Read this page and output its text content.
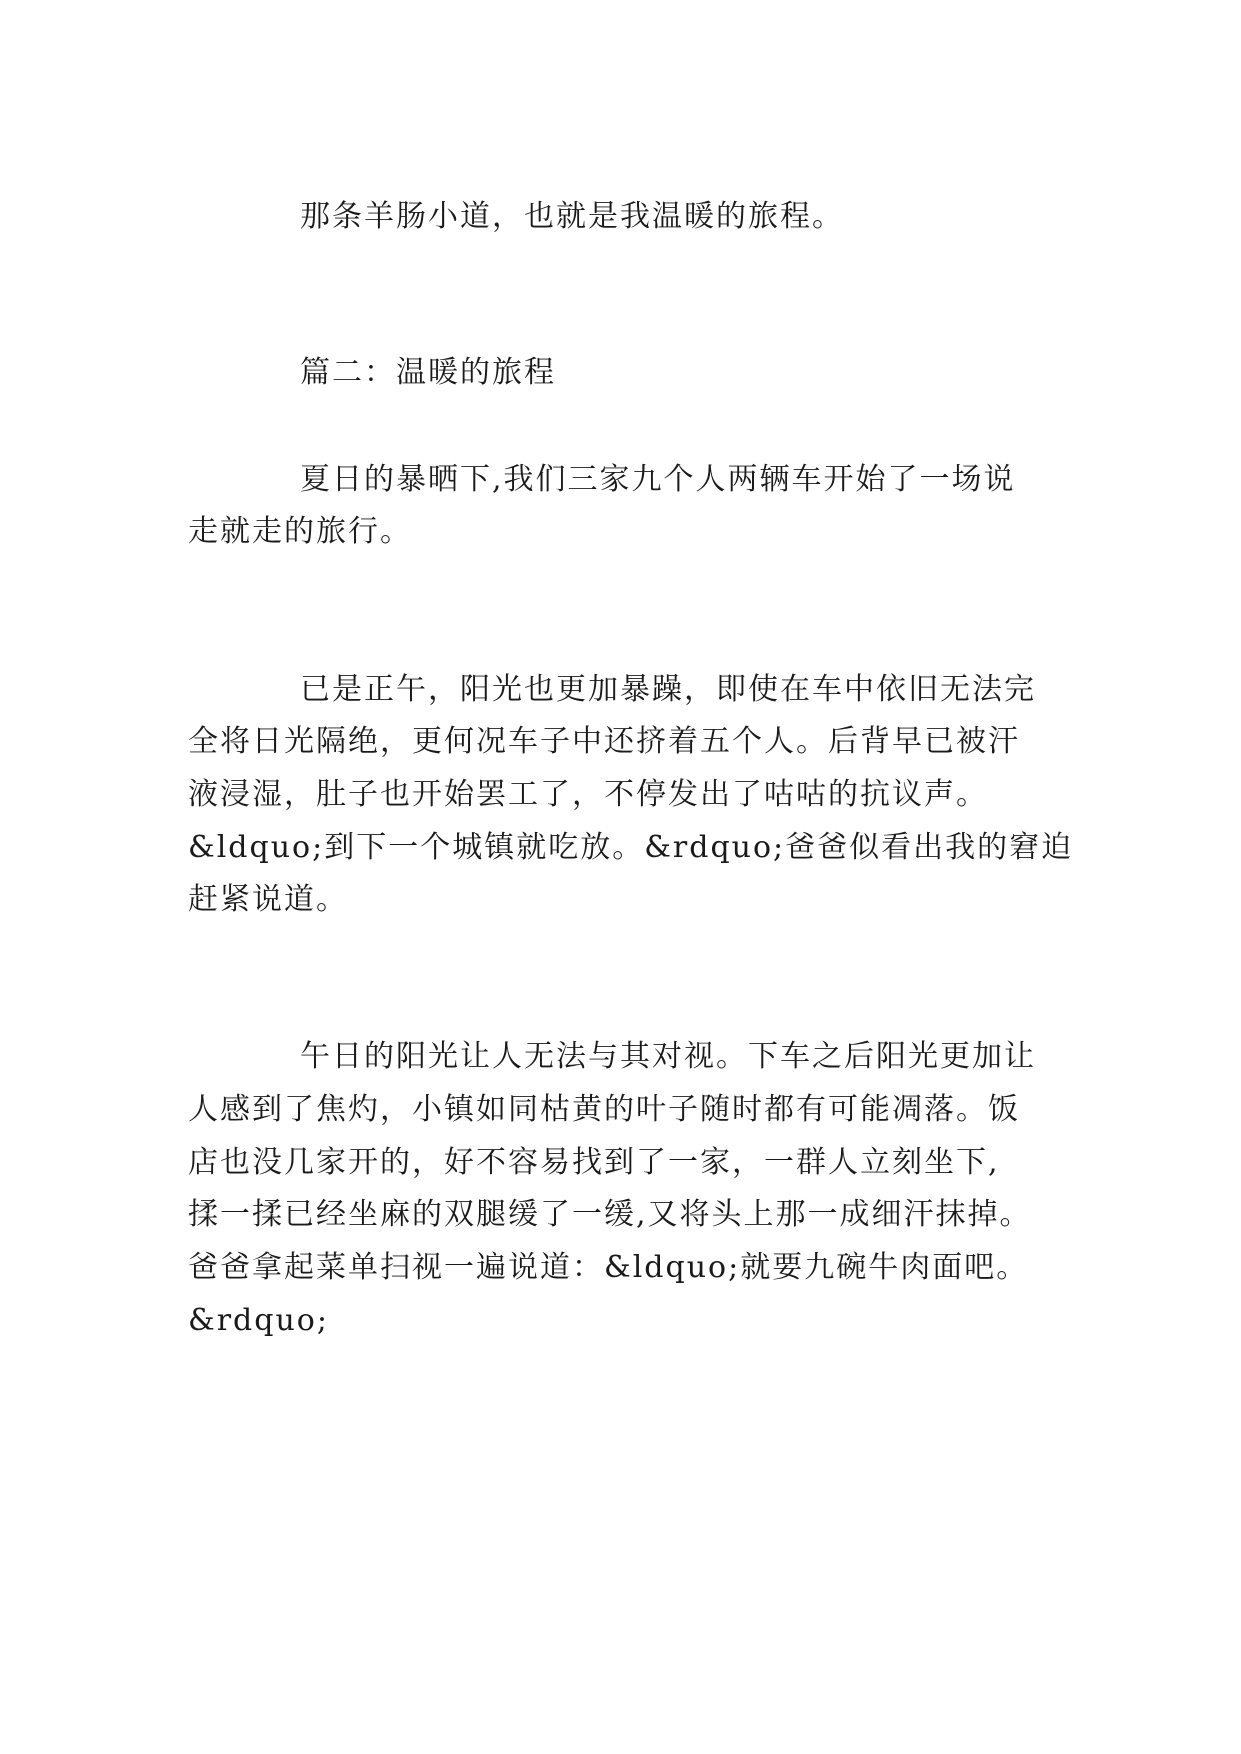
那条羊肠小道，也就是我温暖的旅程。
篇二：温暖的旅程
夏日的暴晒下,我们三家九个人两辆车开始了一场说
走就走的旅行。
已是正午，阳光也更加暴躁，即使在车中依旧无法完
全将日光隔绝，更何况车子中还挤着五个人。后背早已被汗
液浸湿，肚子也开始罢工了，不停发出了咕咕的抗议声。
&ldquo;到下一个城镇就吃放。&rdquo;爸爸似看出我的窘迫
赶紧说道。
午日的阳光让人无法与其对视。下车之后阳光更加让
人感到了焦灼，小镇如同枯黄的叶子随时都有可能凋落。饭
店也没几家开的，好不容易找到了一家，一群人立刻坐下,
揉一揉已经坐麻的双腿缓了一缓,又将头上那一成细汗抹掉。
爸爸拿起菜单扫视一遍说道：&ldquo;就要九碗牛肉面吧。
&rdquo;
